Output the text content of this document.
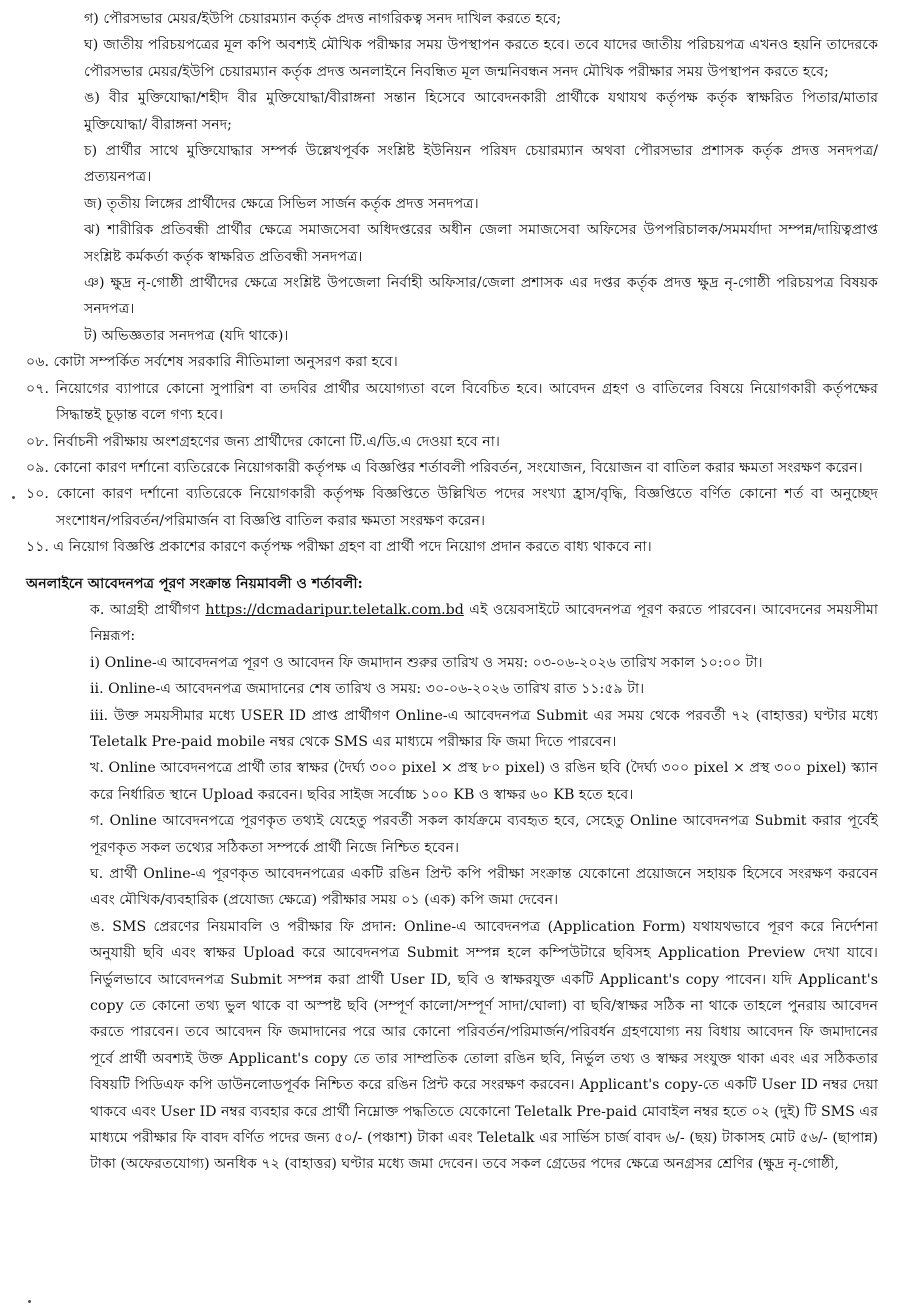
গ) পৌরসভার মেয়র/ইউপি চেয়ারম্যান কর্তৃক প্রদত্ত নাগরিকত্ব সনদ দাখিল করতে হবে;

ঘ) জাতীয় পরিচয়পত্রের মূল কপি অবশ্যই মৌখিক পরীক্ষার সময় উপস্থাপন করতে হবে। তবে যাদের জাতীয় পরিচয়পত্র এখনও হয়নি তাদেরকে পৌরসভার মেয়র/ইউপি চেয়ারম্যান কর্তৃক প্রদত্ত অনলাইনে নিবন্ধিত মূল জন্মনিবন্ধন সনদ মৌখিক পরীক্ষার সময় উপস্থাপন করতে হবে;

ঙ) বীর মুক্তিযোদ্ধা/শহীদ বীর মুক্তিযোদ্ধা/বীরাঙ্গনা সন্তান হিসেবে আবেদনকারী প্রার্থীকে যথাযথ কর্তৃপক্ষ কর্তৃক স্বাক্ষরিত পিতার/মাতার মুক্তিযোদ্ধা/ বীরাঙ্গনা সনদ;

চ) প্রার্থীর সাথে মুক্তিযোদ্ধার সম্পর্ক উল্লেখপূর্বক সংশ্লিষ্ট ইউনিয়ন পরিষদ চেয়ারম্যান অথবা পৌরসভার প্রশাসক কর্তৃক প্রদত্ত সনদপত্র/প্রত্যয়নপত্র।

জ) তৃতীয় লিঙ্গের প্রার্থীদের ক্ষেত্রে সিভিল সার্জন কর্তৃক প্রদত্ত সনদপত্র।

ঝ) শারীরিক প্রতিবন্ধী প্রার্থীর ক্ষেত্রে সমাজসেবা অধিদপ্তরের অধীন জেলা সমাজসেবা অফিসের উপপরিচালক/সমমর্যাদা সম্পন্ন/দায়িত্বপ্রাপ্ত সংশ্লিষ্ট কর্মকর্তা কর্তৃক স্বাক্ষরিত প্রতিবন্ধী সনদপত্র।

ঞ) ক্ষুদ্র নৃ-গোষ্ঠী প্রার্থীদের ক্ষেত্রে সংশ্লিষ্ট উপজেলা নির্বাহী অফিসার/জেলা প্রশাসক এর দপ্তর কর্তৃক প্রদত্ত ক্ষুদ্র নৃ-গোষ্ঠী পরিচয়পত্র বিষয়ক সনদপত্র।

ট) অভিজ্ঞতার সনদপত্র (যদি থাকে)।

০৬. কোটা সম্পর্কিত সর্বশেষ সরকারি নীতিমালা অনুসরণ করা হবে।

০৭. নিয়োগের ব্যাপারে কোনো সুপারিশ বা তদবির প্রার্থীর অযোগ্যতা বলে বিবেচিত হবে। আবেদন গ্রহণ ও বাতিলের বিষয়ে নিয়োগকারী কর্তৃপক্ষের সিদ্ধান্তই চূড়ান্ত বলে গণ্য হবে।

০৮. নির্বাচনী পরীক্ষায় অংশগ্রহণের জন্য প্রার্থীদের কোনো টি.এ/ডি.এ দেওয়া হবে না।

০৯. কোনো কারণ দর্শানো ব্যতিরেকে নিয়োগকারী কর্তৃপক্ষ এ বিজ্ঞপ্তির শর্তাবলী পরিবর্তন, সংযোজন, বিয়োজন বা বাতিল করার ক্ষমতা সংরক্ষণ করেন।

১০. কোনো কারণ দর্শানো ব্যতিরেকে নিয়োগকারী কর্তৃপক্ষ বিজ্ঞপ্তিতে উল্লিখিত পদের সংখ্যা হ্রাস/বৃদ্ধি, বিজ্ঞপ্তিতে বর্ণিত কোনো শর্ত বা অনুচ্ছেদ সংশোধন/পরিবর্তন/পরিমার্জন বা বিজ্ঞপ্তি বাতিল করার ক্ষমতা সংরক্ষণ করেন।

১১. এ নিয়োগ বিজ্ঞপ্তি প্রকাশের কারণে কর্তৃপক্ষ পরীক্ষা গ্রহণ বা প্রার্থী পদে নিয়োগ প্রদান করতে বাধ্য থাকবে না।

অনলাইনে আবেদনপত্র পূরণ সংক্রান্ত নিয়মাবলী ও শর্তাবলী:

ক. আগ্রহী প্রার্থীগণ https://dcmadaripur.teletalk.com.bd এই ওয়েবসাইটে আবেদনপত্র পূরণ করতে পারবেন। আবেদনের সময়সীমা নিম্নরূপ:

i) Online-এ আবেদনপত্র পূরণ ও আবেদন ফি জমাদান শুরুর তারিখ ও সময়: ০৩-০৬-২০২৬ তারিখ সকাল ১০:০০ টা।

ii. Online-এ আবেদনপত্র জমাদানের শেষ তারিখ ও সময়: ৩০-০৬-২০২৬ তারিখ রাত ১১:৫৯ টা।

iii. উক্ত সময়সীমার মধ্যে USER ID প্রাপ্ত প্রার্থীগণ Online-এ আবেদনপত্র Submit এর সময় থেকে পরবর্তী ৭২ (বাহাত্তর) ঘণ্টার মধ্যে Teletalk Pre-paid mobile নম্বর থেকে SMS এর মাধ্যমে পরীক্ষার ফি জমা দিতে পারবেন।

খ. Online আবেদনপত্রে প্রার্থী তার স্বাক্ষর (দৈর্ঘ্য ৩০০ pixel × প্রস্থ ৮০ pixel) ও রঙিন ছবি (দৈর্ঘ্য ৩০০ pixel × প্রস্থ ৩০০ pixel) স্ক্যান করে নির্ধারিত স্থানে Upload করবেন। ছবির সাইজ সর্বোচ্চ ১০০ KB ও স্বাক্ষর ৬০ KB হতে হবে।

গ. Online আবেদনপত্রে পূরণকৃত তথ্যই যেহেতু পরবর্তী সকল কার্যক্রমে ব্যবহৃত হবে, সেহেতু Online আবেদনপত্র Submit করার পূর্বেই পূরণকৃত সকল তথ্যের সঠিকতা সম্পর্কে প্রার্থী নিজে নিশ্চিত হবেন।

ঘ. প্রার্থী Online-এ পূরণকৃত আবেদনপত্রের একটি রঙিন প্রিন্ট কপি পরীক্ষা সংক্রান্ত যেকোনো প্রয়োজনে সহায়ক হিসেবে সংরক্ষণ করবেন এবং মৌখিক/ব্যবহারিক (প্রযোজ্য ক্ষেত্রে) পরীক্ষার সময় ০১ (এক) কপি জমা দেবেন।

ঙ. SMS প্রেরণের নিয়মাবলি ও পরীক্ষার ফি প্রদান: Online-এ আবেদনপত্র (Application Form) যথাযথভাবে পূরণ করে নির্দেশনা অনুযায়ী ছবি এবং স্বাক্ষর Upload করে আবেদনপত্র Submit সম্পন্ন হলে কম্পিউটারে ছবিসহ Application Preview দেখা যাবে। নির্ভুলভাবে আবেদনপত্র Submit সম্পন্ন করা প্রার্থী User ID, ছবি ও স্বাক্ষরযুক্ত একটি Applicant's copy পাবেন। যদি Applicant's copy তে কোনো তথ্য ভুল থাকে বা অস্পষ্ট ছবি (সম্পূর্ণ কালো/সম্পূর্ণ সাদা/ঘোলা) বা ছবি/স্বাক্ষর সঠিক না থাকে তাহলে পুনরায় আবেদন করতে পারবেন। তবে আবেদন ফি জমাদানের পরে আর কোনো পরিবর্তন/পরিমার্জন/পরিবর্ধন গ্রহণযোগ্য নয় বিধায় আবেদন ফি জমাদানের পূর্বে প্রার্থী অবশ্যই উক্ত Applicant's copy তে তার সাম্প্রতিক তোলা রঙিন ছবি, নির্ভুল তথ্য ও স্বাক্ষর সংযুক্ত থাকা এবং এর সঠিকতার বিষয়টি পিডিএফ কপি ডাউনলোডপূর্বক নিশ্চিত করে রঙিন প্রিন্ট করে সংরক্ষণ করবেন। Applicant's copy-তে একটি User ID নম্বর দেয়া থাকবে এবং User ID নম্বর ব্যবহার করে প্রার্থী নিম্নোক্ত পদ্ধতিতে যেকোনো Teletalk Pre-paid মোবাইল নম্বর হতে ০২ (দুই) টি SMS এর মাধ্যমে পরীক্ষার ফি বাবদ বর্ণিত পদের জন্য ৫০/- (পঞ্চাশ) টাকা এবং Teletalk এর সার্ভিস চার্জ বাবদ ৬/- (ছয়) টাকাসহ মোট ৫৬/- (ছাপান্ন) টাকা (অফেরতযোগ্য) অনধিক ৭২ (বাহাত্তর) ঘণ্টার মধ্যে জমা দেবেন। তবে সকল গ্রেডের পদের ক্ষেত্রে অনগ্রসর শ্রেণির (ক্ষুদ্র নৃ-গোষ্ঠী,
